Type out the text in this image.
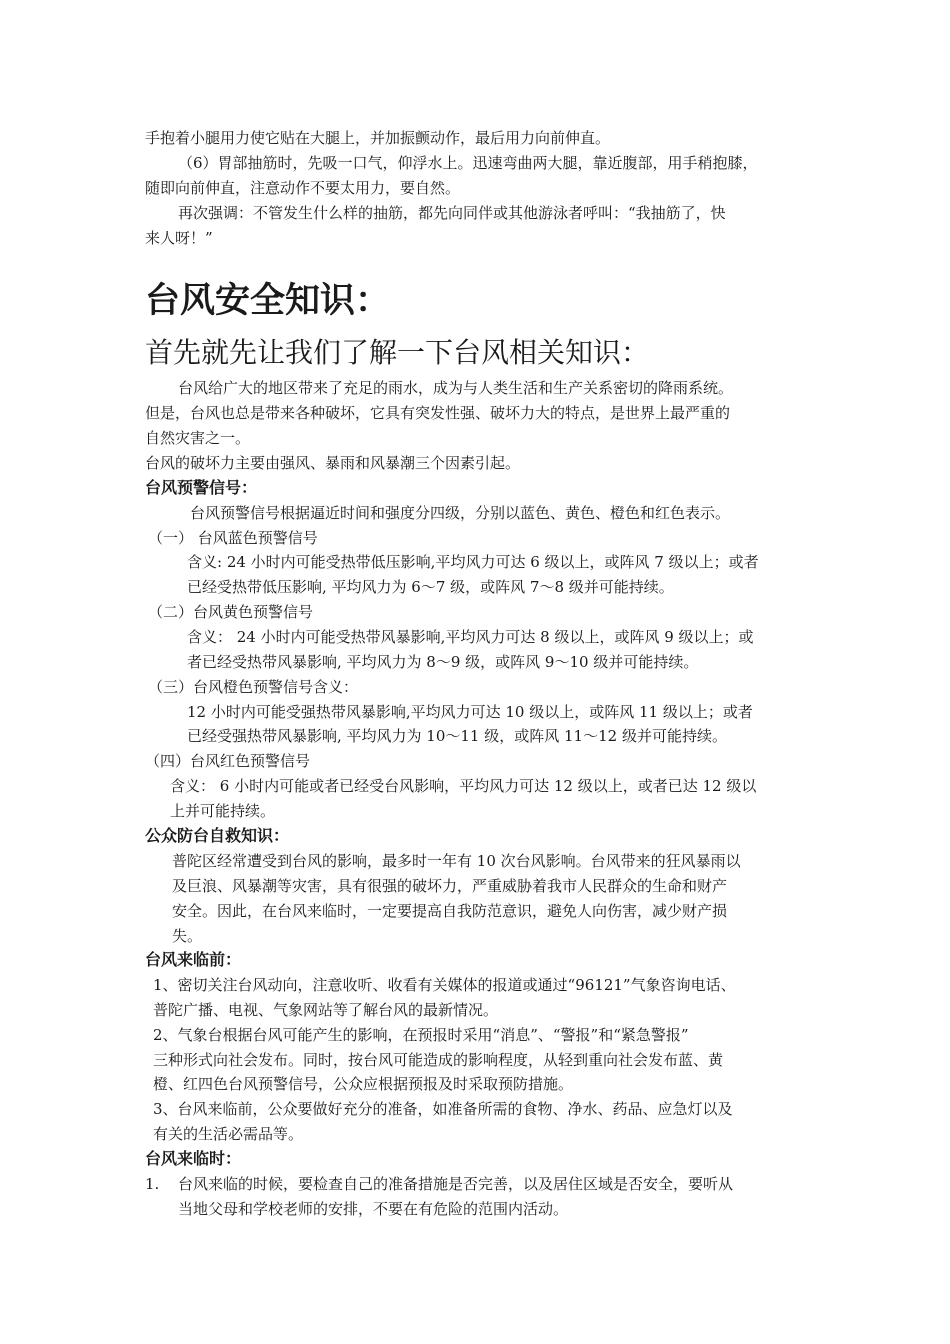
手抱着小腿用力使它贴在大腿上，并加振颤动作，最后用力向前伸直。
（6）胃部抽筋时，先吸一口气，仰浮水上。迅速弯曲两大腿，靠近腹部，用手稍抱膝，
随即向前伸直，注意动作不要太用力，要自然。
再次强调：不管发生什么样的抽筋，都先向同伴或其他游泳者呼叫：“我抽筋了，快
来人呀！”
台风安全知识：
首先就先让我们了解一下台风相关知识：
台风给广大的地区带来了充足的雨水，成为与人类生活和生产关系密切的降雨系统。
但是，台风也总是带来各种破坏，它具有突发性强、破坏力大的特点，是世界上最严重的
自然灾害之一。
台风的破坏力主要由强风、暴雨和风暴潮三个因素引起。
台风预警信号：
台风预警信号根据逼近时间和强度分四级，分别以蓝色、黄色、橙色和红色表示。
（一） 台风蓝色预警信号
含义: 24 小时内可能受热带低压影响,平均风力可达 6 级以上，或阵风 7 级以上；或者
已经受热带低压影响, 平均风力为 6～7 级，或阵风 7～8 级并可能持续。
（二）台风黄色预警信号
含义： 24 小时内可能受热带风暴影响,平均风力可达 8 级以上，或阵风 9 级以上；或
者已经受热带风暴影响, 平均风力为 8～9 级，或阵风 9～10 级并可能持续。
（三）台风橙色预警信号含义：
12 小时内可能受强热带风暴影响,平均风力可达 10 级以上，或阵风 11 级以上；或者
已经受强热带风暴影响, 平均风力为 10～11 级，或阵风 11～12 级并可能持续。
（四）台风红色预警信号
含义： 6 小时内可能或者已经受台风影响，平均风力可达 12 级以上，或者已达 12 级以
上并可能持续。
公众防台自救知识：
普陀区经常遭受到台风的影响，最多时一年有 10 次台风影响。台风带来的狂风暴雨以
及巨浪、风暴潮等灾害，具有很强的破坏力，严重威胁着我市人民群众的生命和财产
安全。因此，在台风来临时，一定要提高自我防范意识，避免人向伤害，减少财产损
失。
台风来临前：
1、密切关注台风动向，注意收听、收看有关媒体的报道或通过“96121”气象咨询电话、
普陀广播、电视、气象网站等了解台风的最新情况。
2、气象台根据台风可能产生的影响，在预报时采用“消息”、“警报”和“紧急警报”
三种形式向社会发布。同时，按台风可能造成的影响程度，从轻到重向社会发布蓝、黄
橙、红四色台风预警信号，公众应根据预报及时采取预防措施。
3、台风来临前，公众要做好充分的准备，如准备所需的食物、净水、药品、应急灯以及
有关的生活必需品等。
台风来临时：
1. 台风来临的时候，要检查自己的准备措施是否完善，以及居住区域是否安全，要听从
当地父母和学校老师的安排，不要在有危险的范围内活动。
